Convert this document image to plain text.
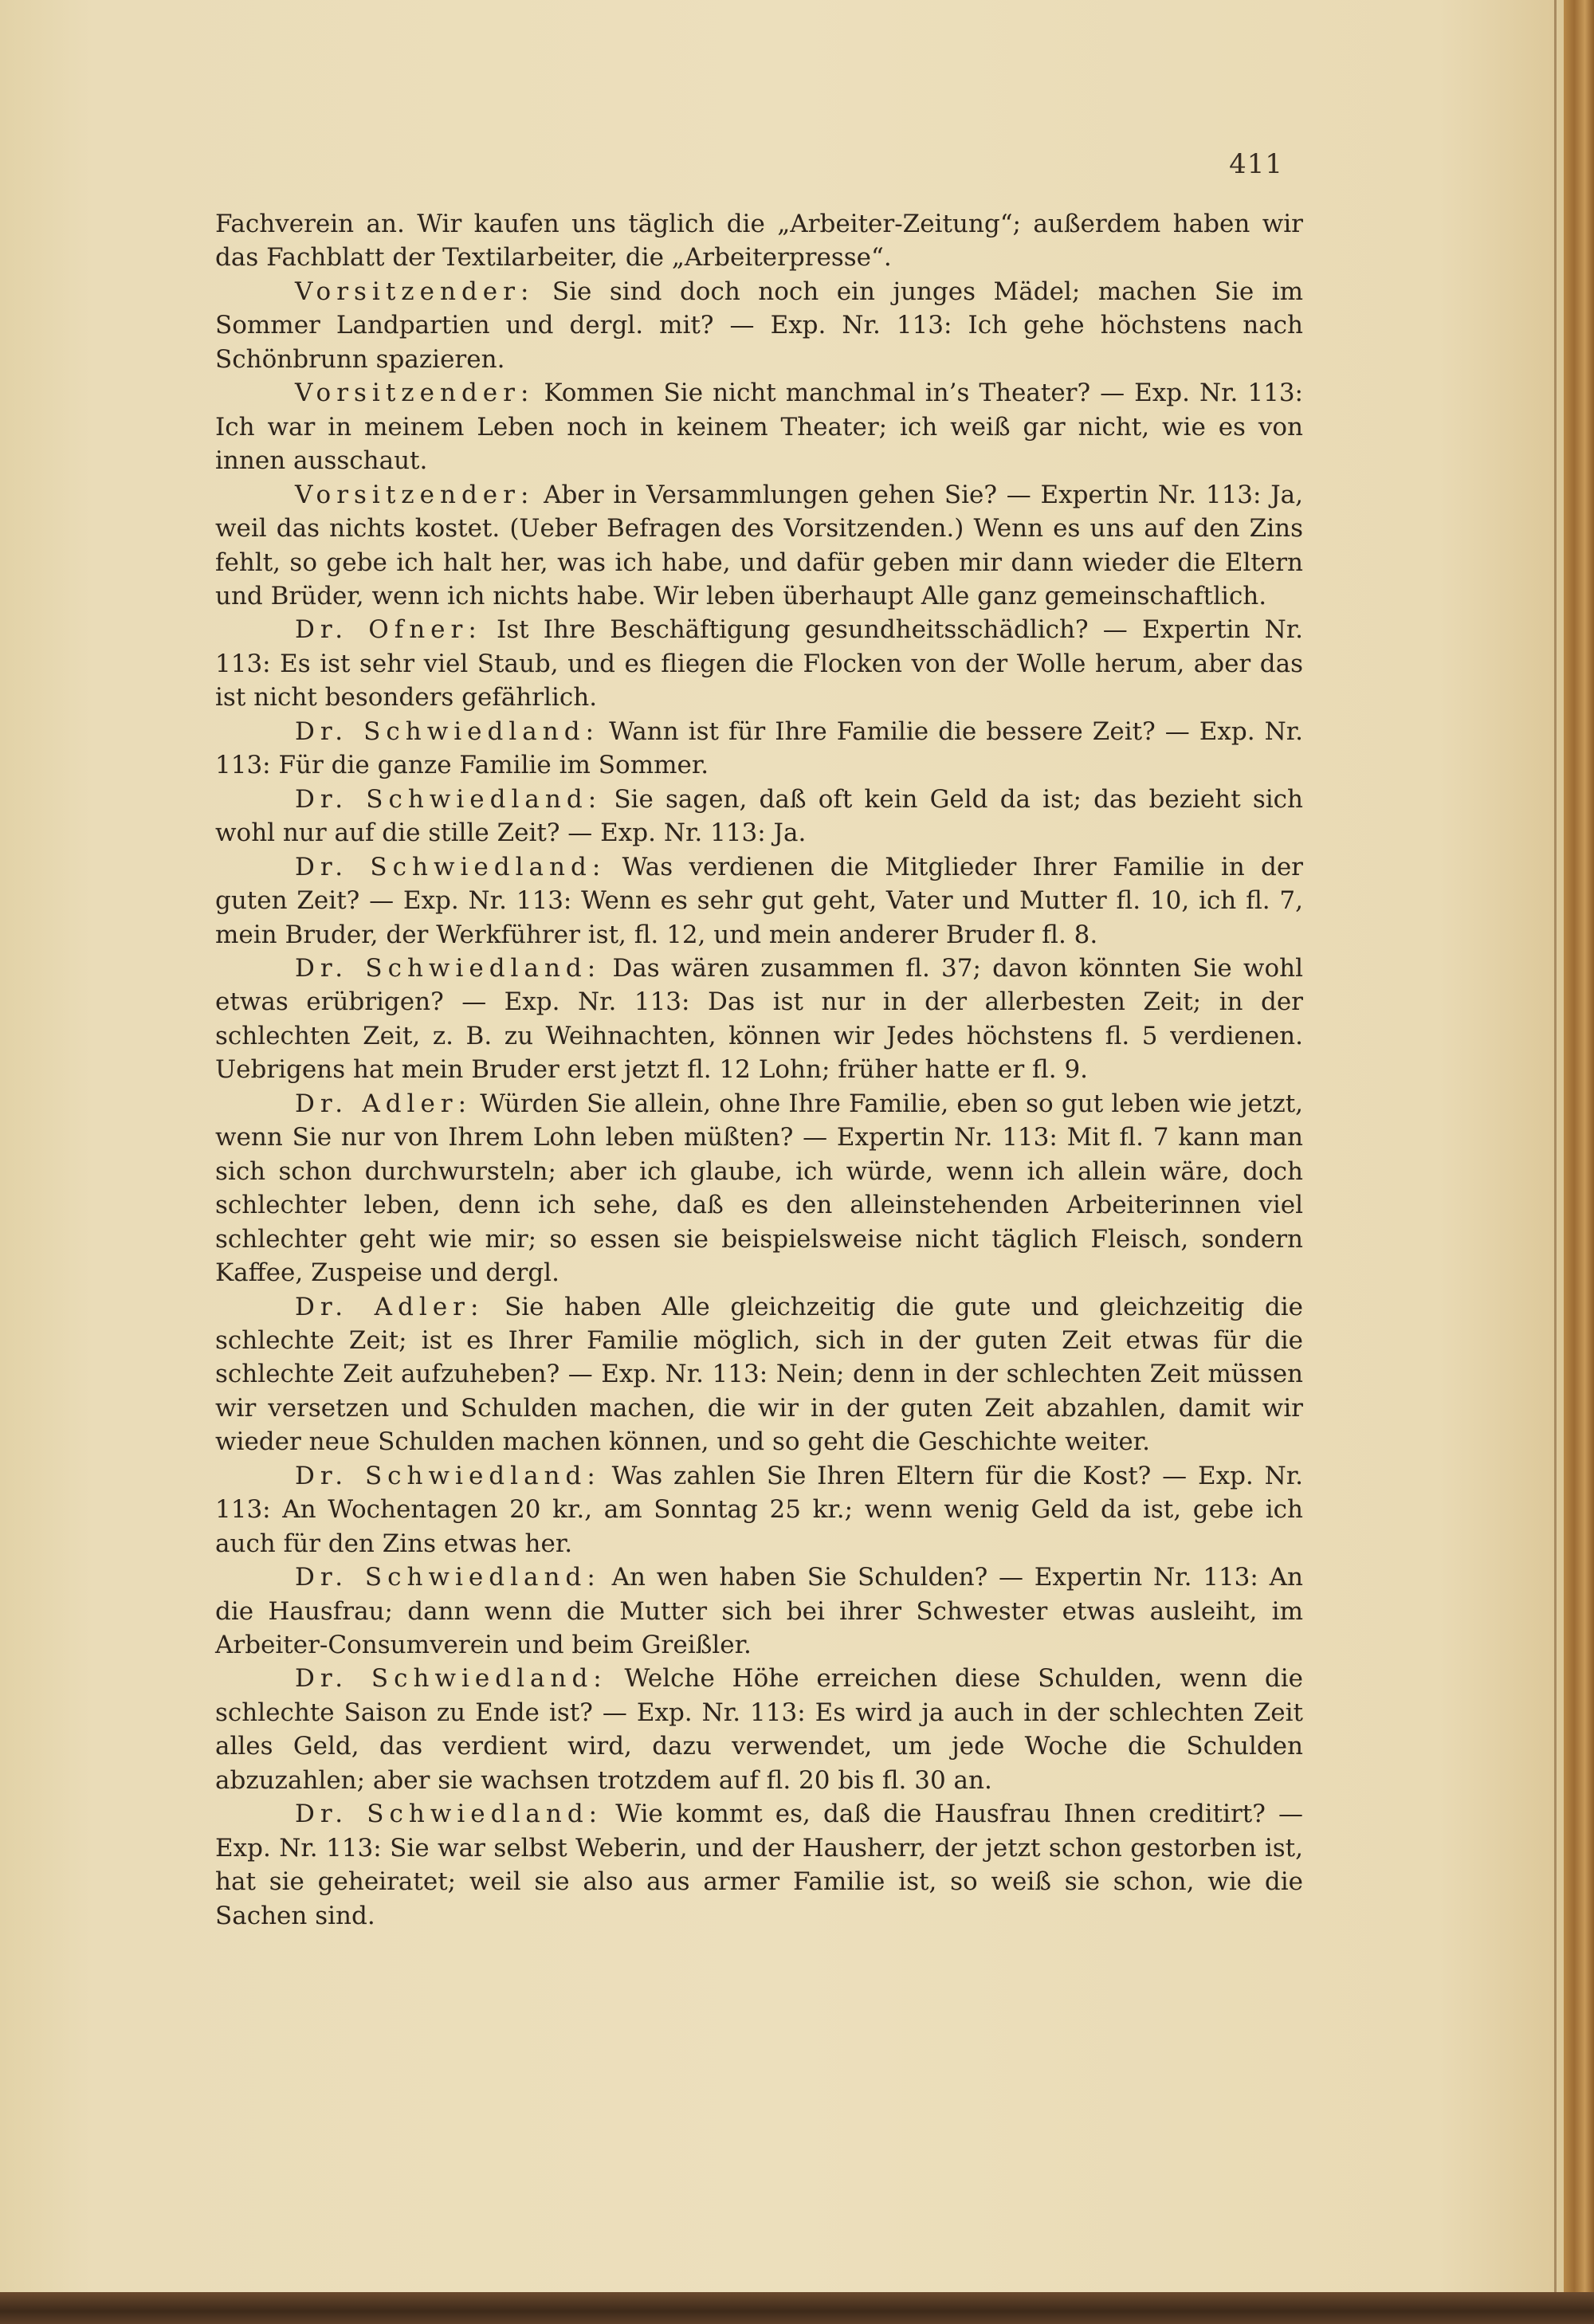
411

Fachverein an. Wir kaufen uns täglich die „Arbeiter-Zeitung“; außerdem haben wir das Fachblatt der Textilarbeiter, die „Arbeiterpresse“.

Vorsitzender: Sie sind doch noch ein junges Mädel; machen Sie im Sommer Landpartien und dergl. mit? — Exp. Nr. 113: Ich gehe höchstens nach Schönbrunn spazieren.

Vorsitzender: Kommen Sie nicht manchmal in’s Theater? — Exp. Nr. 113: Ich war in meinem Leben noch in keinem Theater; ich weiß gar nicht, wie es von innen ausschaut.

Vorsitzender: Aber in Versammlungen gehen Sie? — Expertin Nr. 113: Ja, weil das nichts kostet. (Ueber Befragen des Vorsitzenden.) Wenn es uns auf den Zins fehlt, so gebe ich halt her, was ich habe, und dafür geben mir dann wieder die Eltern und Brüder, wenn ich nichts habe. Wir leben überhaupt Alle ganz gemeinschaftlich.

Dr. Ofner: Ist Ihre Beschäftigung gesundheitsschädlich? — Expertin Nr. 113: Es ist sehr viel Staub, und es fliegen die Flocken von der Wolle herum, aber das ist nicht besonders gefährlich.

Dr. Schwiedland: Wann ist für Ihre Familie die bessere Zeit? — Exp. Nr. 113: Für die ganze Familie im Sommer.

Dr. Schwiedland: Sie sagen, daß oft kein Geld da ist; das bezieht sich wohl nur auf die stille Zeit? — Exp. Nr. 113: Ja.

Dr. Schwiedland: Was verdienen die Mitglieder Ihrer Familie in der guten Zeit? — Exp. Nr. 113: Wenn es sehr gut geht, Vater und Mutter fl. 10, ich fl. 7, mein Bruder, der Werkführer ist, fl. 12, und mein anderer Bruder fl. 8.

Dr. Schwiedland: Das wären zusammen fl. 37; davon könnten Sie wohl etwas erübrigen? — Exp. Nr. 113: Das ist nur in der allerbesten Zeit; in der schlechten Zeit, z. B. zu Weihnachten, können wir Jedes höchstens fl. 5 verdienen. Uebrigens hat mein Bruder erst jetzt fl. 12 Lohn; früher hatte er fl. 9.

Dr. Adler: Würden Sie allein, ohne Ihre Familie, eben so gut leben wie jetzt, wenn Sie nur von Ihrem Lohn leben müßten? — Expertin Nr. 113: Mit fl. 7 kann man sich schon durchwursteln; aber ich glaube, ich würde, wenn ich allein wäre, doch schlechter leben, denn ich sehe, daß es den alleinstehenden Arbeiterinnen viel schlechter geht wie mir; so essen sie beispielsweise nicht täglich Fleisch, sondern Kaffee, Zuspeise und dergl.

Dr. Adler: Sie haben Alle gleichzeitig die gute und gleichzeitig die schlechte Zeit; ist es Ihrer Familie möglich, sich in der guten Zeit etwas für die schlechte Zeit aufzuheben? — Exp. Nr. 113: Nein; denn in der schlechten Zeit müssen wir versetzen und Schulden machen, die wir in der guten Zeit abzahlen, damit wir wieder neue Schulden machen können, und so geht die Geschichte weiter.

Dr. Schwiedland: Was zahlen Sie Ihren Eltern für die Kost? — Exp. Nr. 113: An Wochentagen 20 kr., am Sonntag 25 kr.; wenn wenig Geld da ist, gebe ich auch für den Zins etwas her.

Dr. Schwiedland: An wen haben Sie Schulden? — Expertin Nr. 113: An die Hausfrau; dann wenn die Mutter sich bei ihrer Schwester etwas ausleiht, im Arbeiter-Consumverein und beim Greißler.

Dr. Schwiedland: Welche Höhe erreichen diese Schulden, wenn die schlechte Saison zu Ende ist? — Exp. Nr. 113: Es wird ja auch in der schlechten Zeit alles Geld, das verdient wird, dazu verwendet, um jede Woche die Schulden abzuzahlen; aber sie wachsen trotzdem auf fl. 20 bis fl. 30 an.

Dr. Schwiedland: Wie kommt es, daß die Hausfrau Ihnen creditirt? — Exp. Nr. 113: Sie war selbst Weberin, und der Hausherr, der jetzt schon gestorben ist, hat sie geheiratet; weil sie also aus armer Familie ist, so weiß sie schon, wie die Sachen sind.
